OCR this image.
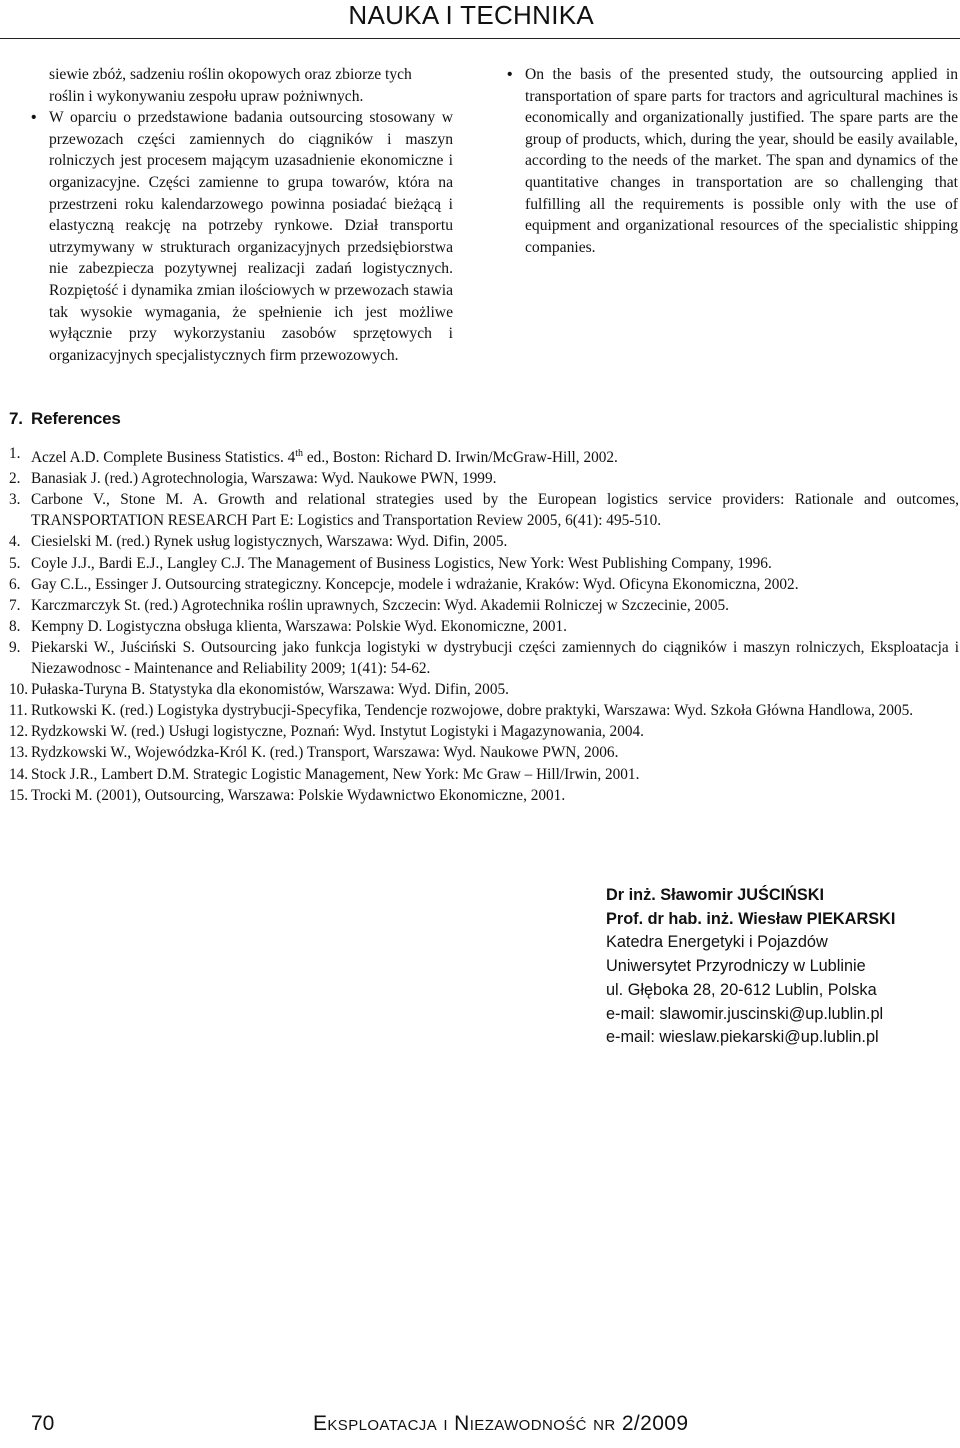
NAUKA I TECHNIKA

siewie zbóż, sadzeniu roślin okopowych oraz zbiorze tych

roślin i wykonywaniu zespołu upraw pożniwnych.

• W oparciu o przedstawione badania outsourcing stosowany w przewozach części zamiennych do ciągników i maszyn rolniczych jest procesem mającym uzasadnienie ekonomiczne i organizacyjne. Części zamienne to grupa towarów, która na przestrzeni roku kalendarzowego powinna posiadać bieżącą i elastyczną reakcję na potrzeby rynkowe. Dział transportu utrzymywany w strukturach organizacyjnych przedsiębiorstwa nie zabezpiecza pozytywnej realizacji zadań logistycznych. Rozpiętość i dynamika zmian ilościowych w przewozach stawia tak wysokie wymagania, że spełnienie ich jest możliwe wyłącznie przy wykorzystaniu zasobów sprzętowych i organizacyjnych specjalistycznych firm przewozowych.

• On the basis of the presented study, the outsourcing applied in transportation of spare parts for tractors and agricultural machines is economically and organizationally justified. The spare parts are the group of products, which, during the year, should be easily available, according to the needs of the market. The span and dynamics of the quantitative changes in transportation are so challenging that fulfilling all the requirements is possible only with the use of equipment and organizational resources of the specialistic shipping companies.

7. References

1. Aczel A.D. Complete Business Statistics. 4th ed., Boston: Richard D. Irwin/McGraw-Hill, 2002.

2. Banasiak J. (red.) Agrotechnologia, Warszawa: Wyd. Naukowe PWN, 1999.

3. Carbone V., Stone M. A. Growth and relational strategies used by the European logistics service providers: Rationale and outcomes, TRANSPORTATION RESEARCH Part E: Logistics and Transportation Review 2005, 6(41): 495-510.

4. Ciesielski M. (red.) Rynek usług logistycznych, Warszawa: Wyd. Difin, 2005.

5. Coyle J.J., Bardi E.J., Langley C.J. The Management of Business Logistics, New York: West Publishing Company, 1996.

6. Gay C.L., Essinger J. Outsourcing strategiczny. Koncepcje, modele i wdrażanie, Kraków: Wyd. Oficyna Ekonomiczna, 2002.

7. Karczmarczyk St. (red.) Agrotechnika roślin uprawnych, Szczecin: Wyd. Akademii Rolniczej w Szczecinie, 2005.

8. Kempny D. Logistyczna obsługa klienta, Warszawa: Polskie Wyd. Ekonomiczne, 2001.

9. Piekarski W., Juściński S. Outsourcing jako funkcja logistyki w dystrybucji części zamiennych do ciągników i maszyn rolniczych, Eksploatacja i Niezawodnosc - Maintenance and Reliability 2009; 1(41): 54-62.

10. Pułaska-Turyna B. Statystyka dla ekonomistów, Warszawa: Wyd. Difin, 2005.

11. Rutkowski K. (red.) Logistyka dystrybucji-Specyfika, Tendencje rozwojowe, dobre praktyki, Warszawa: Wyd. Szkoła Główna Handlowa, 2005.

12. Rydzkowski W. (red.) Usługi logistyczne, Poznań: Wyd. Instytut Logistyki i Magazynowania, 2004.

13. Rydzkowski W., Wojewódzka-Król K. (red.) Transport, Warszawa: Wyd. Naukowe PWN, 2006.

14. Stock J.R., Lambert D.M. Strategic Logistic Management, New York: Mc Graw – Hill/Irwin, 2001.

15. Trocki M. (2001), Outsourcing, Warszawa: Polskie Wydawnictwo Ekonomiczne, 2001.

Dr inż. Sławomir JUŚCIŃSKI
Prof. dr hab. inż. Wiesław PIEKARSKI
Katedra Energetyki i Pojazdów
Uniwersytet Przyrodniczy w Lublinie
ul. Głęboka 28, 20-612 Lublin, Polska
e-mail: slawomir.juscinski@up.lublin.pl
e-mail: wieslaw.piekarski@up.lublin.pl
70	Eksploatacja i Niezawodność nr 2/2009
